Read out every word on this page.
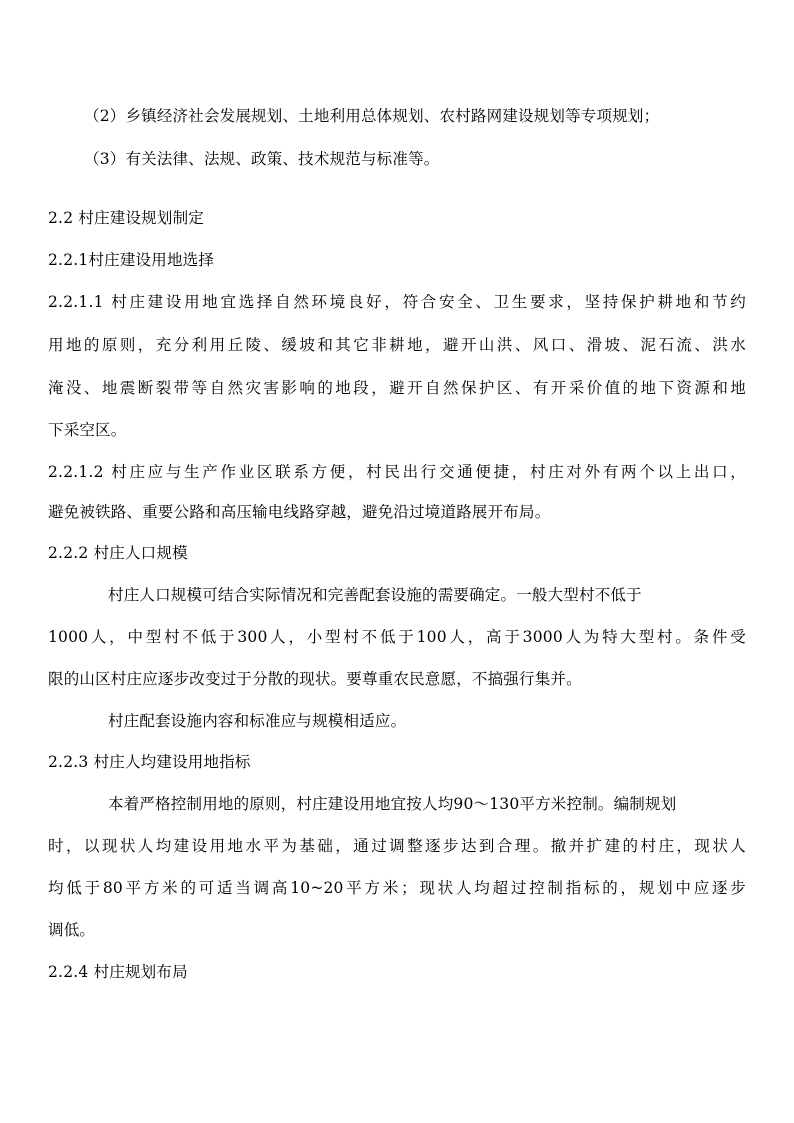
（2）乡镇经济社会发展规划、土地利用总体规划、农村路网建设规划等专项规划；
（3）有关法律、法规、政策、技术规范与标准等。
2.2 村庄建设规划制定
2.2.1村庄建设用地选择
2.2.1.1 村庄建设用地宜选择自然环境良好，符合安全、卫生要求，坚持保护耕地和节约
用地的原则，充分利用丘陵、缓坡和其它非耕地，避开山洪、风口、滑坡、泥石流、洪水
淹没、地震断裂带等自然灾害影响的地段，避开自然保护区、有开采价值的地下资源和地
下采空区。
2.2.1.2 村庄应与生产作业区联系方便，村民出行交通便捷，村庄对外有两个以上出口，
避免被铁路、重要公路和高压输电线路穿越，避免沿过境道路展开布局。
2.2.2 村庄人口规模
村庄人口规模可结合实际情况和完善配套设施的需要确定。一般大型村不低于
1000人，中型村不低于300人，小型村不低于100人，高于3000人为特大型村。条件受
限的山区村庄应逐步改变过于分散的现状。要尊重农民意愿，不搞强行集并。
村庄配套设施内容和标准应与规模相适应。
2.2.3 村庄人均建设用地指标
本着严格控制用地的原则，村庄建设用地宜按人均90～130平方米控制。编制规划
时，以现状人均建设用地水平为基础，通过调整逐步达到合理。撤并扩建的村庄，现状人
均低于80平方米的可适当调高10~20平方米；现状人均超过控制指标的，规划中应逐步
调低。
2.2.4 村庄规划布局
